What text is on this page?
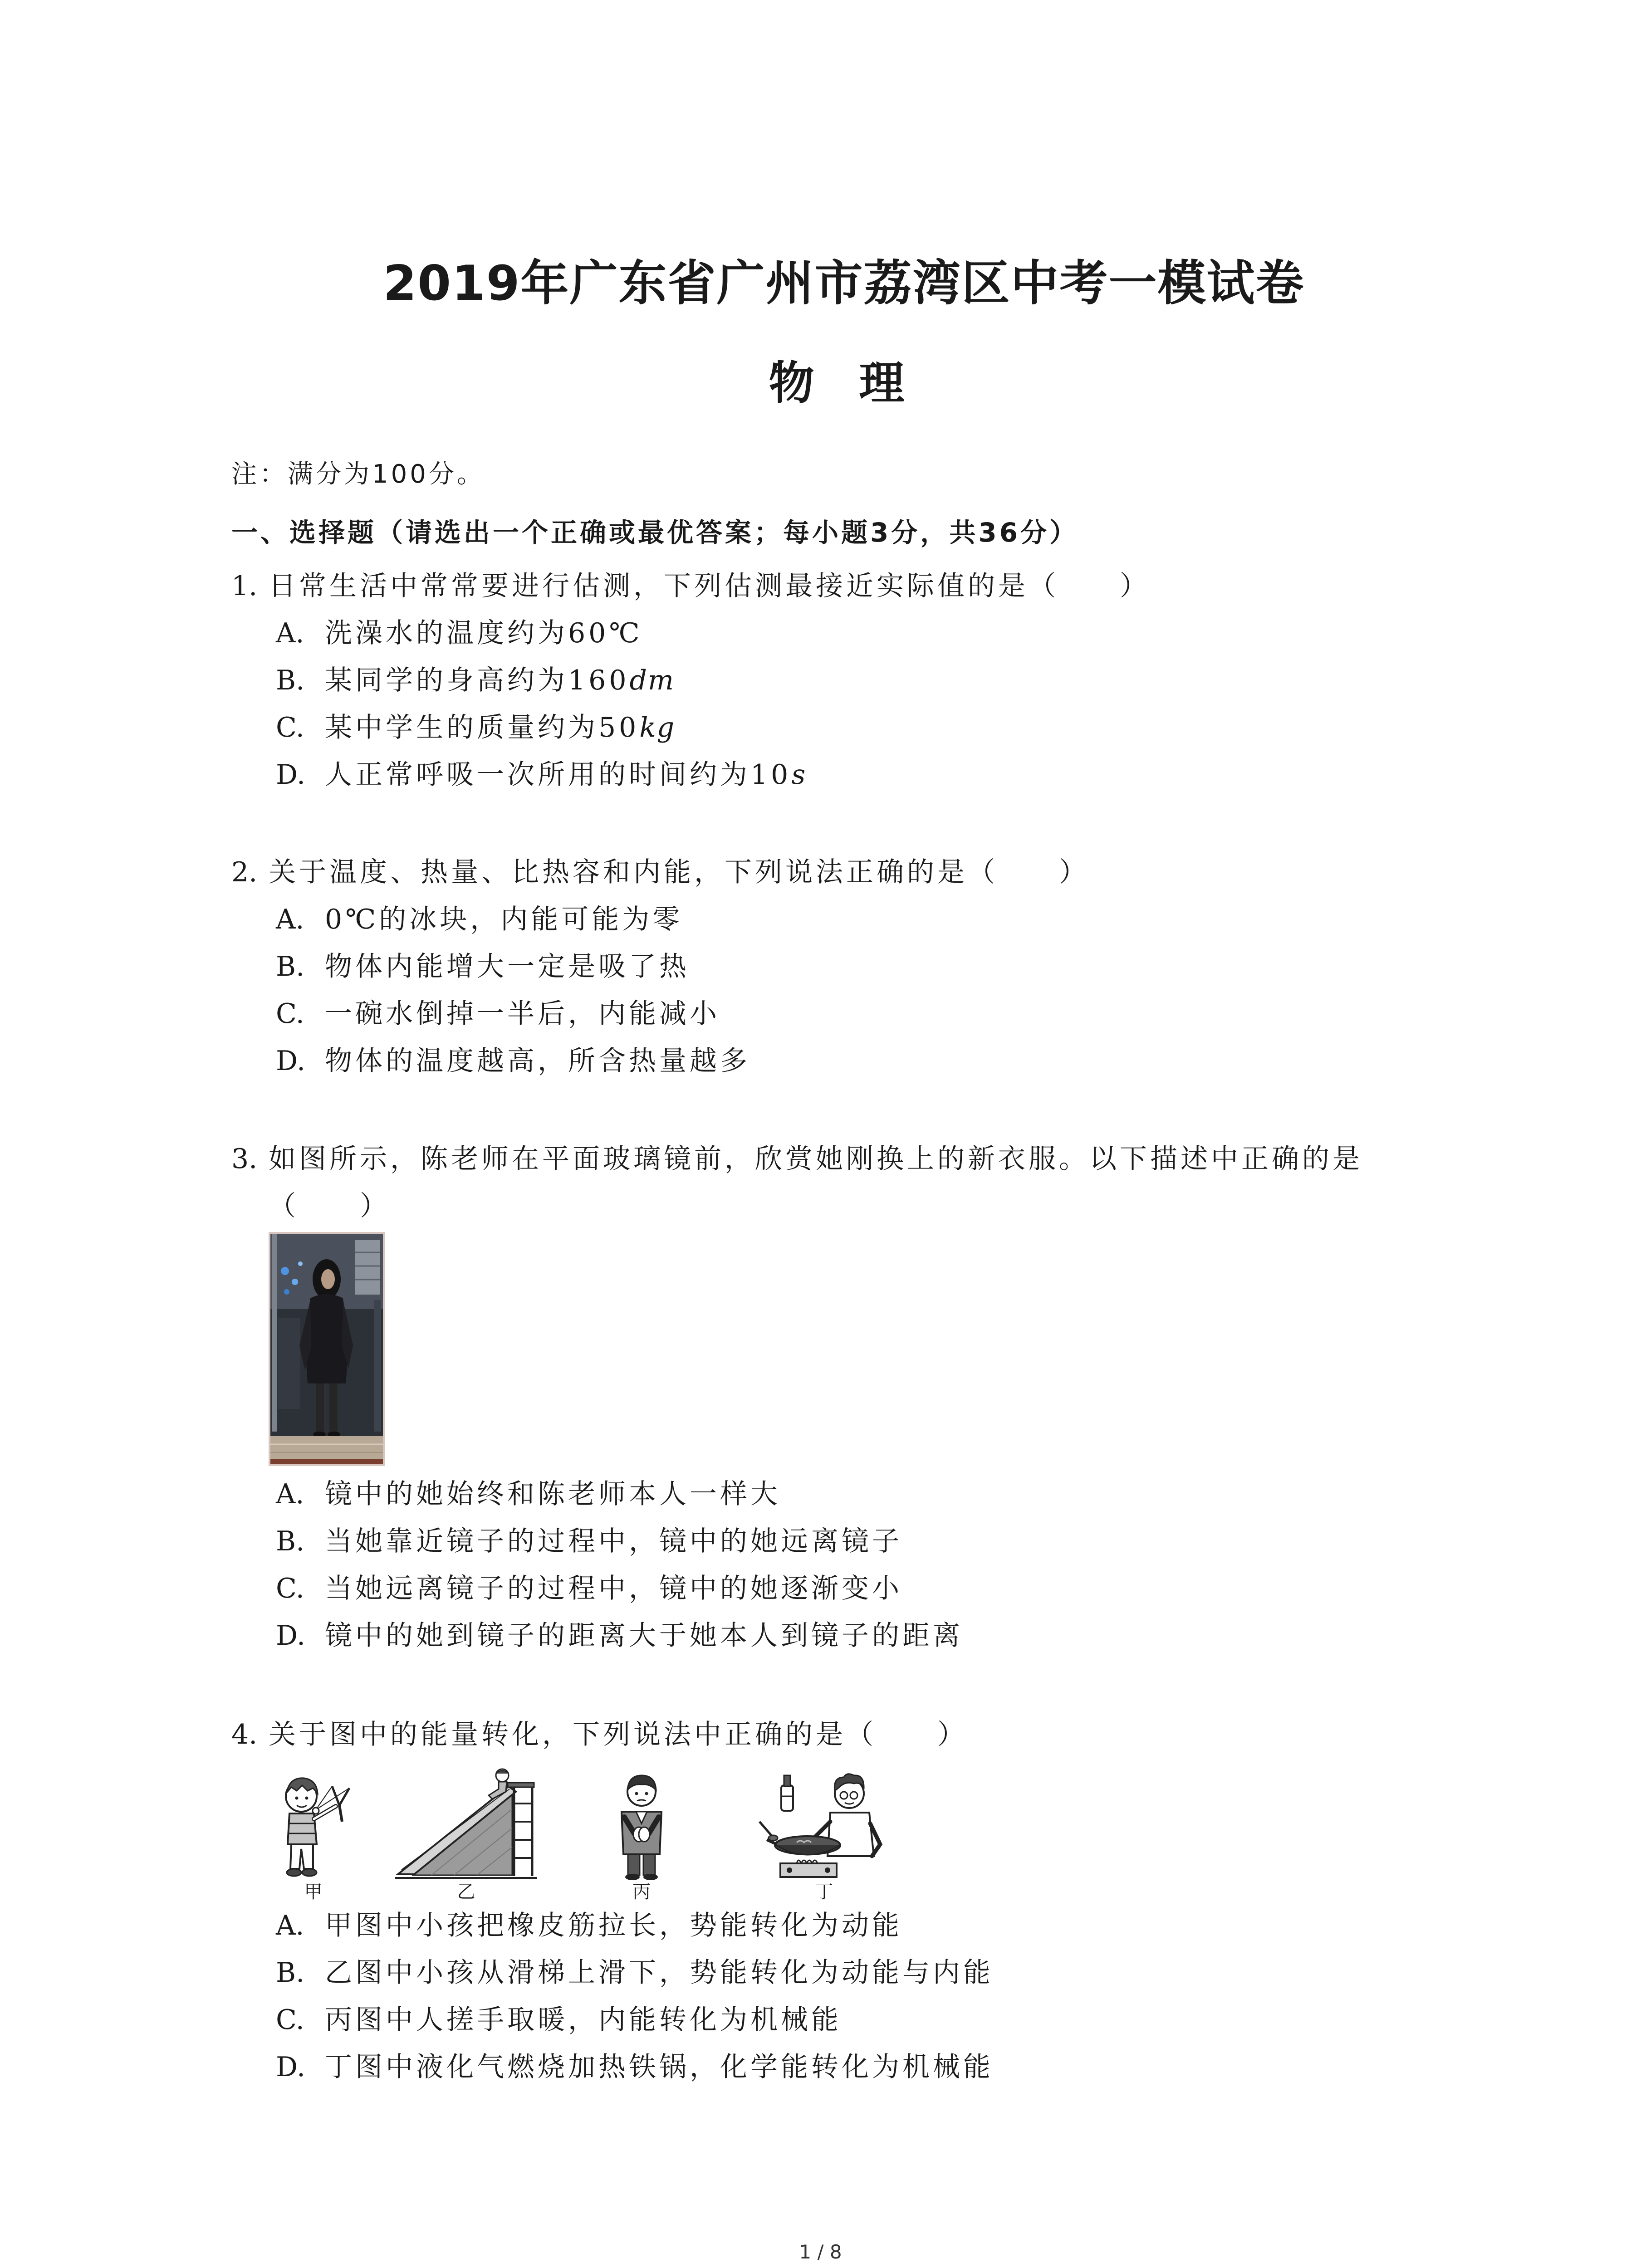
2019年广东省广州市荔湾区中考一模试卷
物 理
注：满分为100分。
一、选择题（请选出一个正确或最优答案；每小题3分，共36分）
1. 日常生活中常常要进行估测，下列估测最接近实际值的是（　　）
A. 洗澡水的温度约为60℃
B. 某同学的身高约为160dm
C. 某中学生的质量约为50kg
D. 人正常呼吸一次所用的时间约为10s
2. 关于温度、热量、比热容和内能，下列说法正确的是（　　）
A. 0℃的冰块，内能可能为零
B. 物体内能增大一定是吸了热
C. 一碗水倒掉一半后，内能减小
D. 物体的温度越高，所含热量越多
3. 如图所示，陈老师在平面玻璃镜前，欣赏她刚换上的新衣服。以下描述中正确的是（　　）
A. 镜中的她始终和陈老师本人一样大
B. 当她靠近镜子的过程中，镜中的她远离镜子
C. 当她远离镜子的过程中，镜中的她逐渐变小
D. 镜中的她到镜子的距离大于她本人到镜子的距离
4. 关于图中的能量转化，下列说法中正确的是（　　）
甲	乙	丙	丁
A. 甲图中小孩把橡皮筋拉长，势能转化为动能
B. 乙图中小孩从滑梯上滑下，势能转化为动能与内能
C. 丙图中人搓手取暖，内能转化为机械能
D. 丁图中液化气燃烧加热铁锅，化学能转化为机械能
1 / 8
